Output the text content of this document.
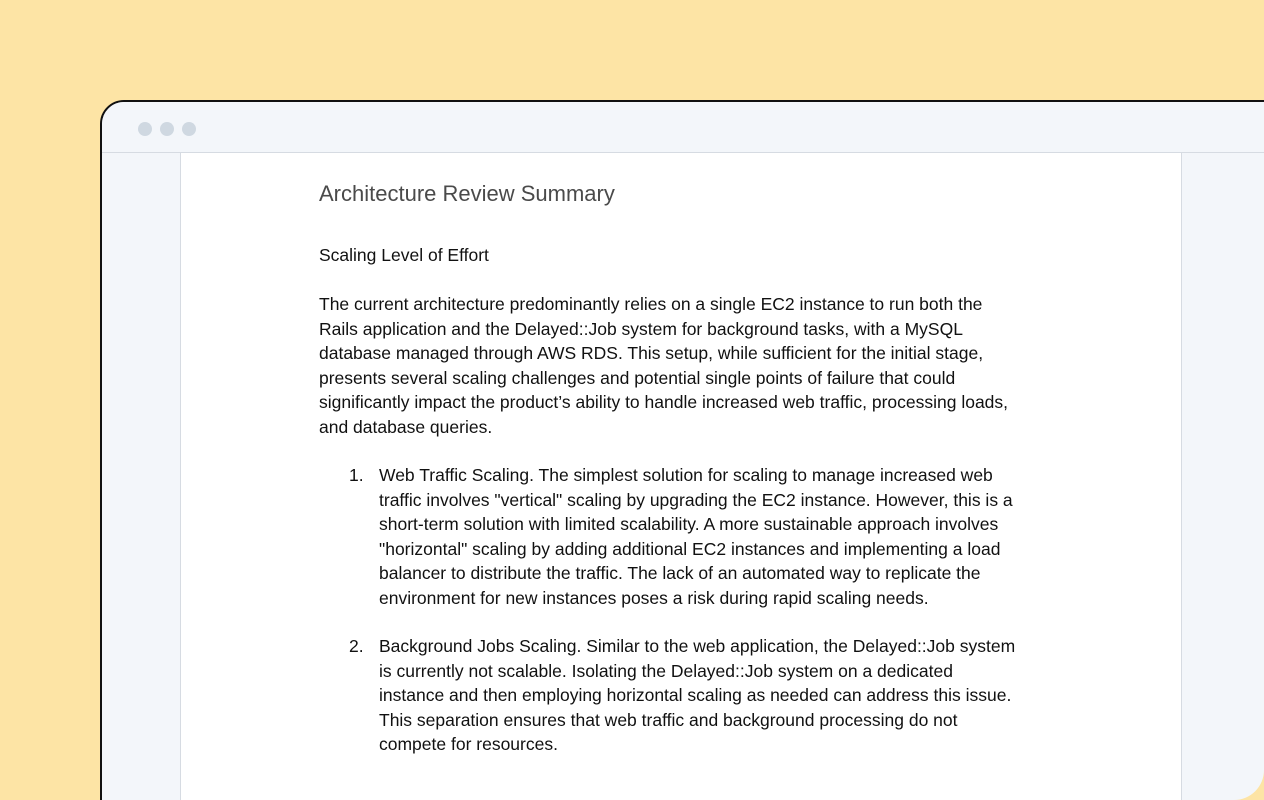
Architecture Review Summary
Scaling Level of Effort

The current architecture predominantly relies on a single EC2 instance to run both the Rails application and the Delayed::Job system for background tasks, with a MySQL database managed through AWS RDS. This setup, while sufficient for the initial stage, presents several scaling challenges and potential single points of failure that could significantly impact the product’s ability to handle increased web traffic, processing loads, and database queries.

1. Web Traffic Scaling. The simplest solution for scaling to manage increased web traffic involves "vertical" scaling by upgrading the EC2 instance. However, this is a short-term solution with limited scalability. A more sustainable approach involves "horizontal" scaling by adding additional EC2 instances and implementing a load balancer to distribute the traffic. The lack of an automated way to replicate the environment for new instances poses a risk during rapid scaling needs.
2. Background Jobs Scaling. Similar to the web application, the Delayed::Job system is currently not scalable. Isolating the Delayed::Job system on a dedicated instance and then employing horizontal scaling as needed can address this issue. This separation ensures that web traffic and background processing do not compete for resources.
